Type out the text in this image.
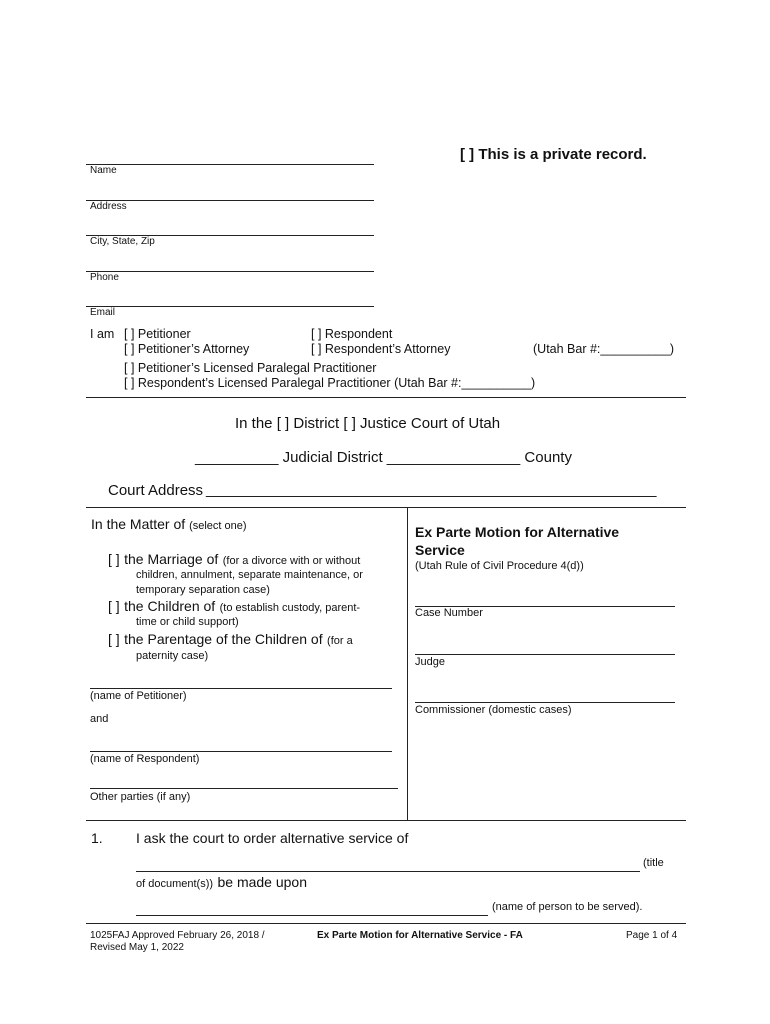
[ ] This is a private record.
Name
Address
City, State, Zip
Phone
Email
I am [ ] Petitioner
[ ] Petitioner’s Attorney
[ ] Respondent
[ ] Respondent’s Attorney	(Utah Bar #:__________)
[ ] Petitioner’s Licensed Paralegal Practitioner
[ ] Respondent’s Licensed Paralegal Practitioner (Utah Bar #:__________)
In the [ ] District [ ] Justice Court of Utah
__________ Judicial District ________________ County
Court Address ______________________________________________________
In the Matter of (select one)
[ ] the Marriage of (for a divorce with or without
children, annulment, separate maintenance, or
temporary separation case)
[ ] the Children of (to establish custody, parent-
time or child support)
[ ] the Parentage of the Children of (for a
paternity case)
(name of Petitioner)
and
(name of Respondent)
Other parties (if any)
Ex Parte Motion for Alternative
Service
(Utah Rule of Civil Procedure 4(d))
Case Number
Judge
Commissioner (domestic cases)
1. I ask the court to order alternative service of
(title
of document(s)) be made upon
(name of person to be served).
1025FAJ Approved February 26, 2018 /
Revised May 1, 2022
Ex Parte Motion for Alternative Service - FA	Page 1 of 4
